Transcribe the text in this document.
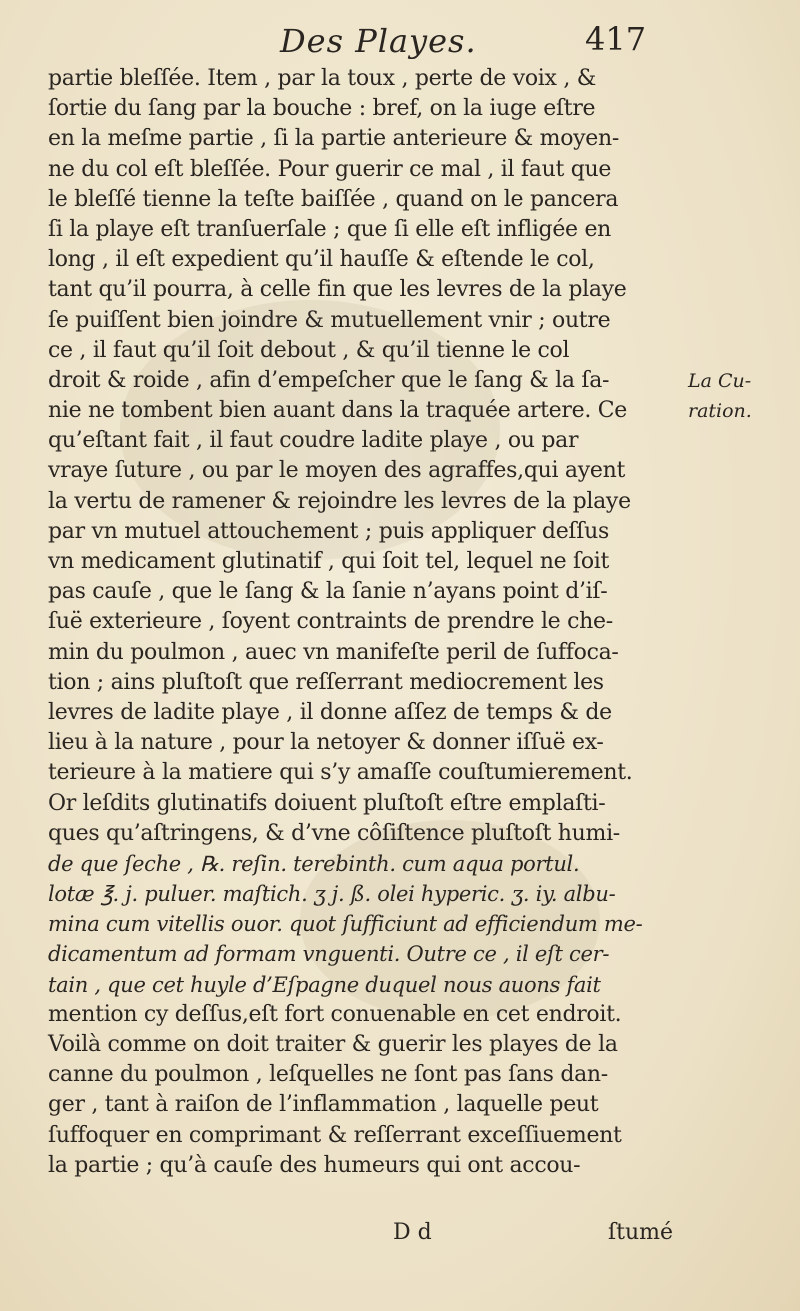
Des Playes.	417
partie bleſſée. Item , par la toux , perte de voix , &
ſortie du ſang par la bouche : bref, on la iuge eſtre
en la meſme partie , ſi la partie anterieure & moyen-
ne du col eſt bleſſée. Pour guerir ce mal , il faut que
le bleſſé tienne la teſte baiſſée , quand on le pancera
ſi la playe eſt tranſuerſale ; que ſi elle eſt infligée en
long , il eſt expedient qu’il hauſſe & eſtende le col,
tant qu’il pourra, à celle fin que les levres de la playe
ſe puiſſent bien joindre & mutuellement vnir ; outre
ce , il faut qu’il ſoit debout , & qu’il tienne le col
droit & roide , afin d’empeſcher que le ſang & la ſa-
nie ne tombent bien auant dans la traquée artere. Ce
qu’eſtant fait , il faut coudre ladite playe , ou par
vraye ſuture , ou par le moyen des agraffes,qui ayent
la vertu de ramener & rejoindre les levres de la playe
par vn mutuel attouchement ; puis appliquer deſſus
vn medicament glutinatif , qui ſoit tel, lequel ne ſoit
pas cauſe , que le ſang & la ſanie n’ayans point d’iſ-
ſuë exterieure , ſoyent contraints de prendre le che-
min du poulmon , auec vn manifeſte peril de ſuffoca-
tion ; ains pluſtoſt que reſſerrant mediocrement les
levres de ladite playe , il donne aſſez de temps & de
lieu à la nature , pour la netoyer & donner iſſuë ex-
terieure à la matiere qui s’y amaſſe couſtumierement.
Or leſdits glutinatifs doiuent pluſtoſt eſtre emplaſti-
ques qu’aſtringens, & d’vne côſiſtence pluſtoſt humi-
de que ſeche , ℞. reſin. terebinth. cum aqua portul.
lotæ ℥. j. puluer. maſtich. ʒ j. ß. olei hyperic. ʒ. iy. albu-
mina cum vitellis ouor. quot ſufficiunt ad efficiendum me-
dicamentum ad formam vnguenti. Outre ce , il eſt cer-
tain , que cet huyle d’Eſpagne duquel nous auons fait
mention cy deſſus,eſt fort conuenable en cet endroit.
Voilà comme on doit traiter & guerir les playes de la
canne du poulmon , leſquelles ne ſont pas ſans dan-
ger , tant à raiſon de l’inflammation , laquelle peut
ſuffoquer en comprimant & reſſerrant exceſſiuement
la partie ; qu’à cauſe des humeurs qui ont accou-
La Cu-
ration.
D d	ſtumé
